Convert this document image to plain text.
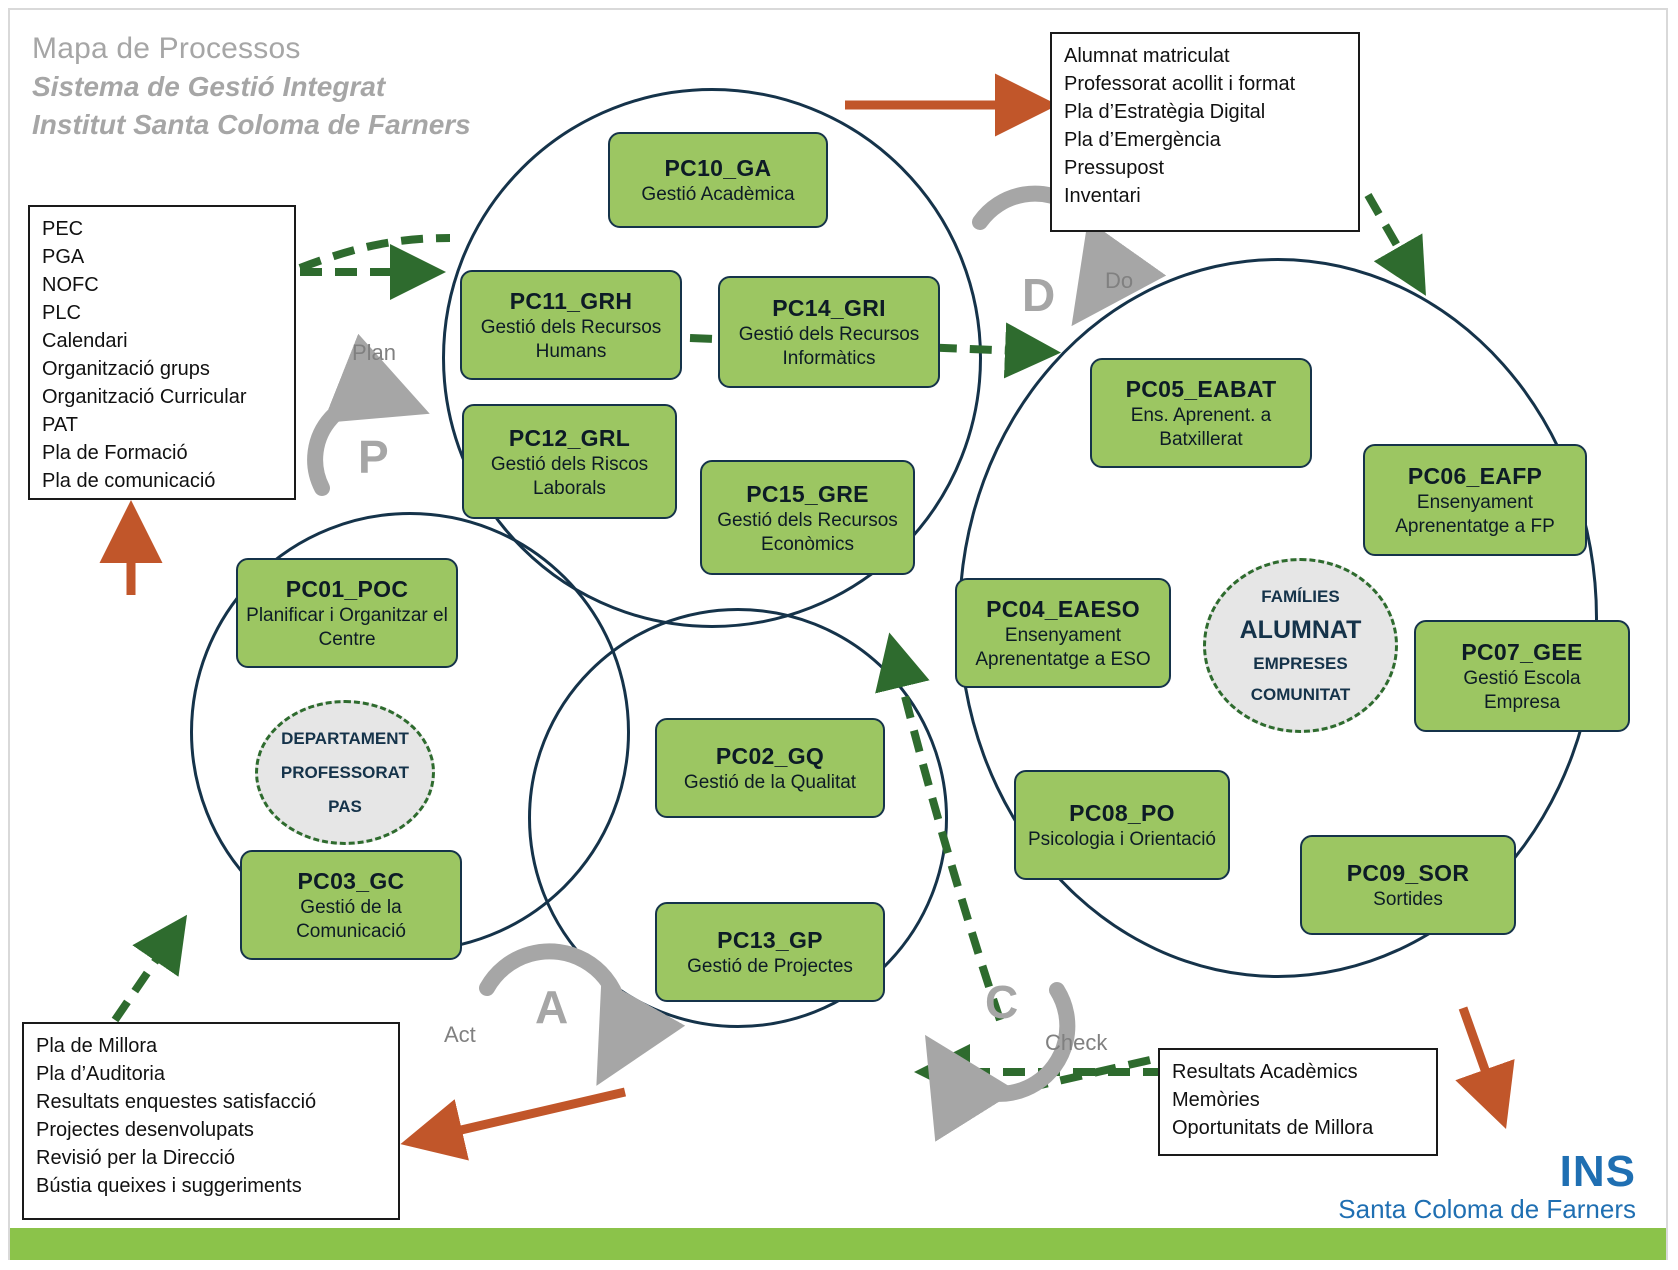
Mapa de Processos
Sistema de Gestió Integrat
Institut Santa Coloma de Farners
P
Plan
D Do
C
Check
A
Act
PC10_GA
Gestió Acadèmica
PC11_GRH
Gestió dels Recursos Humans
PC14_GRI
Gestió dels Recursos Informàtics
PC12_GRL
Gestió dels Riscos Laborals	PC15_GRE
Gestió dels Recursos Econòmics
PC01_POC
Planificar i Organitzar el Centre
PC03_GC
Gestió de la Comunicació
PC02_GQ
Gestió de la Qualitat
PC13_GP
Gestió de Projectes
PC05_EABAT
Ens. Aprenent. a Batxillerat
PC06_EAFP
Ensenyament Aprenentatge a FP
PC04_EAESO
Ensenyament Aprenentatge a ESO	PC07_GEE
Gestió Escola Empresa
PC08_PO
Psicologia i Orientació
PC09_SOR
Sortides
DEPARTAMENT
PROFESSORAT
PAS
FAMÍLIES
ALUMNAT
EMPRESES
COMUNITAT
PEC
PGA
NOFC
PLC
Calendari
Organització grups
Organització Curricular
PAT
Pla de Formació
Pla de comunicació
Alumnat matriculat
Professorat acollit i format
Pla d’Estratègia Digital
Pla d’Emergència
Pressupost
Inventari
Pla de Millora
Pla d’Auditoria
Resultats enquestes satisfacció
Projectes desenvolupats
Revisió per la Direcció
Bústia queixes i suggeriments
Resultats Acadèmics
Memòries
Oportunitats de Millora
INS
Santa Coloma de Farners
